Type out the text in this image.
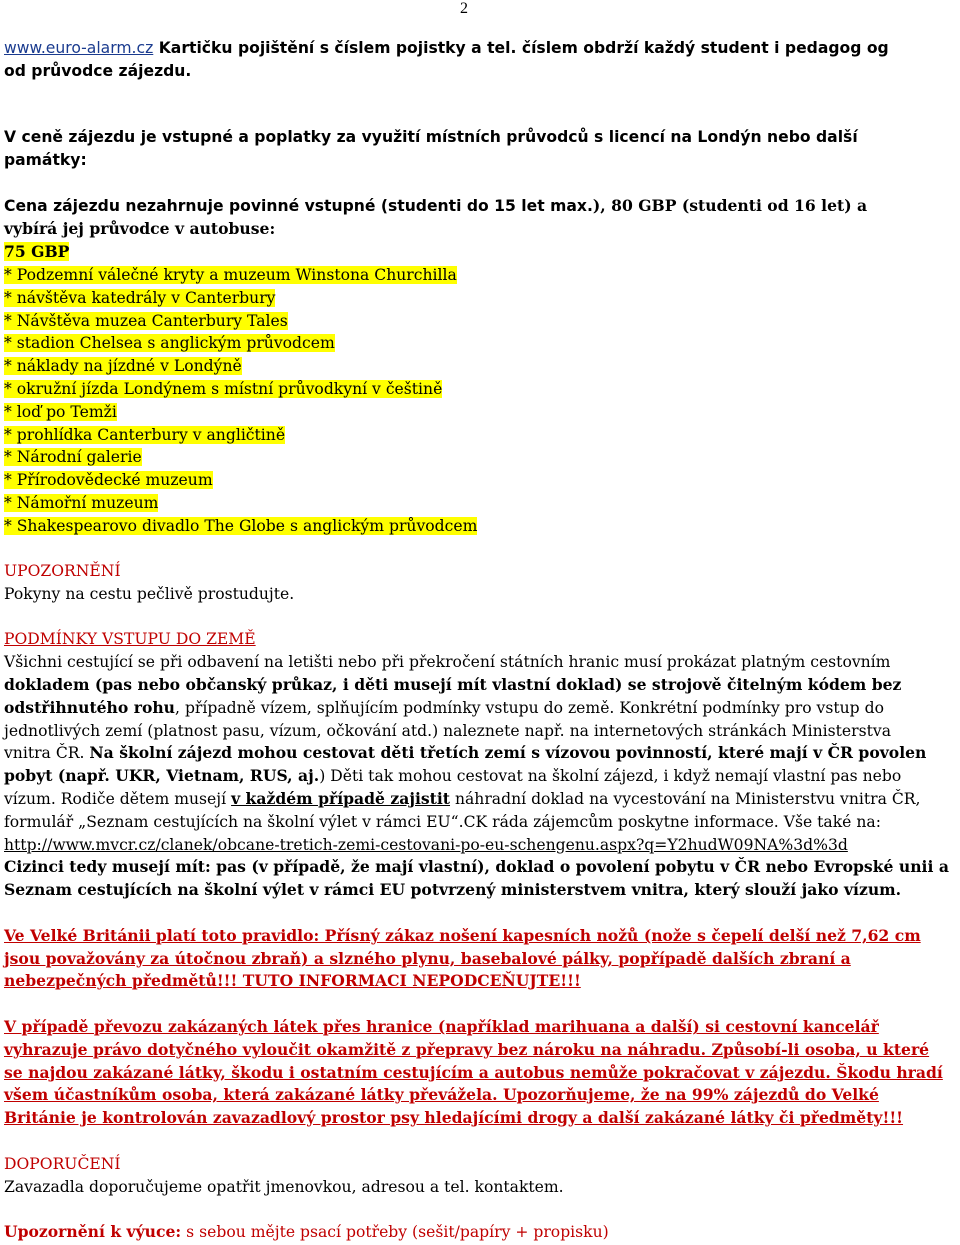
2
www.euro-alarm.cz Kartičku pojištění s číslem pojistky a tel. číslem obdrží každý student i pedagog og
od průvodce zájezdu.
V ceně zájezdu je vstupné a poplatky za využití místních průvodců s licencí na Londýn nebo další
památky:
Cena zájezdu nezahrnuje povinné vstupné (studenti do 15 let max.), 80 GBP (studenti od 16 let) a
vybírá jej průvodce v autobuse:
75 GBP
* Podzemní válečné kryty a muzeum Winstona Churchilla
* návštěva katedrály v Canterbury
* Návštěva muzea Canterbury Tales
* stadion Chelsea s anglickým průvodcem
* náklady na jízdné v Londýně
* okružní jízda Londýnem s místní průvodkyní v češtině
* loď po Temži
* prohlídka Canterbury v angličtině
* Národní galerie
* Přírodovědecké muzeum
* Námořní muzeum
* Shakespearovo divadlo The Globe s anglickým průvodcem
UPOZORNĚNÍ
Pokyny na cestu pečlivě prostudujte.
PODMÍNKY VSTUPU DO ZEMĚ
Všichni cestující se při odbavení na letišti nebo při překročení státních hranic musí prokázat platným cestovním
dokladem (pas nebo občanský průkaz, i děti musejí mít vlastní doklad) se strojově čitelným kódem bez
odstřihnutého rohu, případně vízem, splňujícím podmínky vstupu do země. Konkrétní podmínky pro vstup do
jednotlivých zemí (platnost pasu, vízum, očkování atd.) naleznete např. na internetových stránkách Ministerstva
vnitra ČR. Na školní zájezd mohou cestovat děti třetích zemí s vízovou povinností, které mají v ČR povolen
pobyt (např. UKR, Vietnam, RUS, aj.) Děti tak mohou cestovat na školní zájezd, i když nemají vlastní pas nebo
vízum. Rodiče dětem musejí v každém případě zajistit náhradní doklad na vycestování na Ministerstvu vnitra ČR,
formulář „Seznam cestujících na školní výlet v rámci EU“.CK ráda zájemcům poskytne informace. Vše také na:
http://www.mvcr.cz/clanek/obcane-tretich-zemi-cestovani-po-eu-schengenu.aspx?q=Y2hudW09NA%3d%3d
Cizinci tedy musejí mít: pas (v případě, že mají vlastní), doklad o povolení pobytu v ČR nebo Evropské unii a
Seznam cestujících na školní výlet v rámci EU potvrzený ministerstvem vnitra, který slouží jako vízum.
Ve Velké Británii platí toto pravidlo: Přísný zákaz nošení kapesních nožů (nože s čepelí delší než 7,62 cm
jsou považovány za útočnou zbraň) a slzného plynu, basebalové pálky, popřípadě dalších zbraní a
nebezpečných předmětů!!! TUTO INFORMACI NEPODCEŇUJTE!!!
V případě převozu zakázaných látek přes hranice (například marihuana a další) si cestovní kancelář
vyhrazuje právo dotyčného vyloučit okamžitě z přepravy bez nároku na náhradu. Způsobí-li osoba, u které
se najdou zakázané látky, škodu i ostatním cestujícím a autobus nemůže pokračovat v zájezdu. Škodu hradí
všem účastníkům osoba, která zakázané látky převážela. Upozorňujeme, že na 99% zájezdů do Velké
Británie je kontrolován zavazadlový prostor psy hledajícími drogy a další zakázané látky či předměty!!!
DOPORUČENÍ
Zavazadla doporučujeme opatřit jmenovkou, adresou a tel. kontaktem.
Upozornění k výuce: s sebou mějte psací potřeby (sešit/papíry + propisku)
